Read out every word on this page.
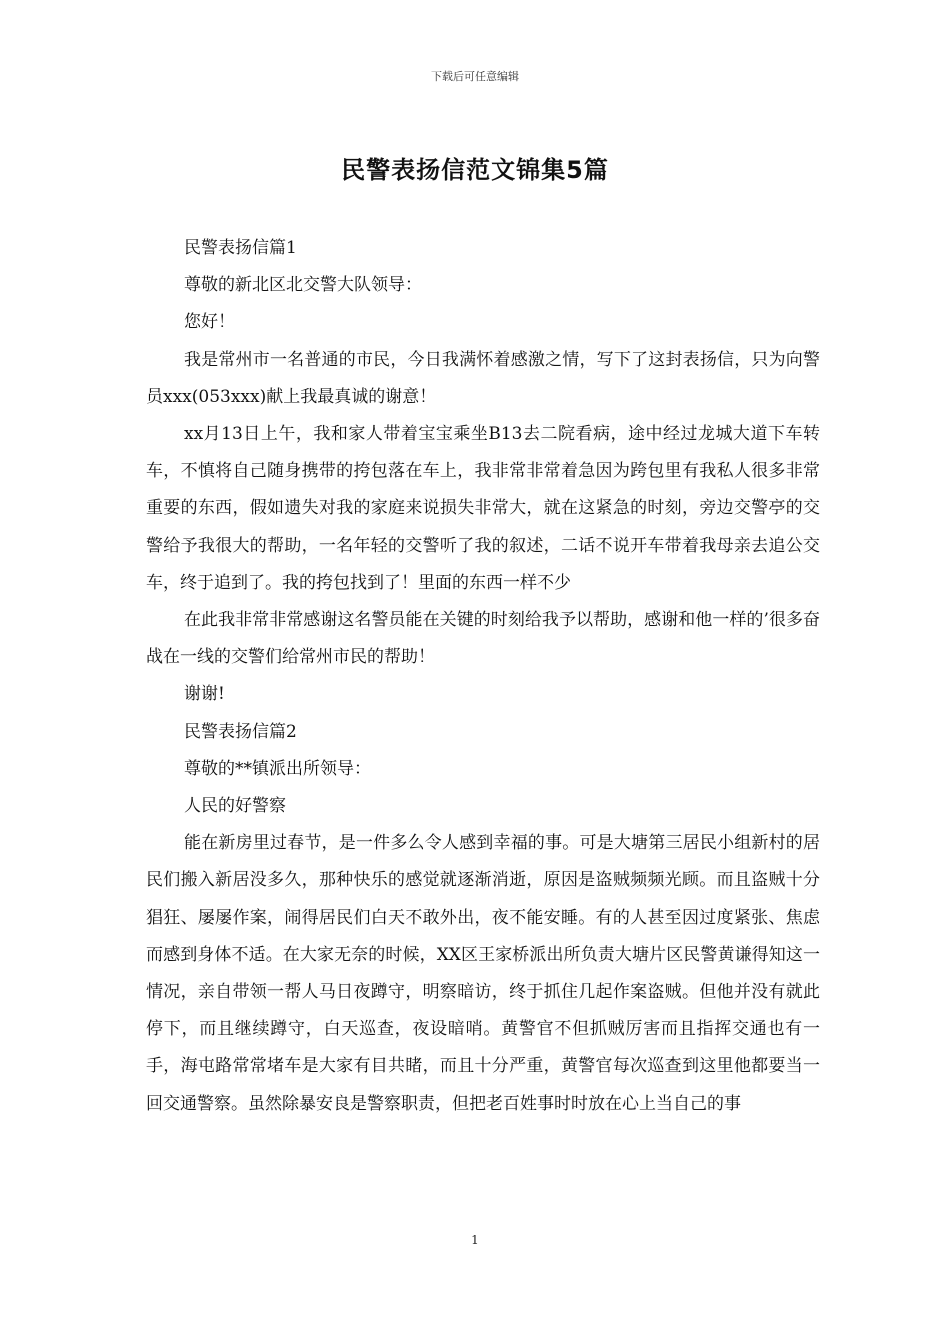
下载后可任意编辑
民警表扬信范文锦集5篇

民警表扬信篇1

尊敬的新北区北交警大队领导：

您好！

我是常州市一名普通的市民，今日我满怀着感激之情，写下了这封表扬信，只为向警员xxx(053xxx)献上我最真诚的谢意！

xx月13日上午，我和家人带着宝宝乘坐B13去二院看病，途中经过龙城大道下车转车，不慎将自己随身携带的挎包落在车上，我非常非常着急因为跨包里有我私人很多非常重要的东西，假如遗失对我的家庭来说损失非常大，就在这紧急的时刻，旁边交警亭的交警给予我很大的帮助，一名年轻的交警听了我的叙述，二话不说开车带着我母亲去追公交车，终于追到了。我的挎包找到了！里面的东西一样不少

在此我非常非常感谢这名警员能在关键的时刻给我予以帮助，感谢和他一样的’很多奋战在一线的交警们给常州市民的帮助！

谢谢!

民警表扬信篇2

尊敬的**镇派出所领导：

人民的好警察

能在新房里过春节，是一件多么令人感到幸福的事。可是大塘第三居民小组新村的居民们搬入新居没多久，那种快乐的感觉就逐渐消逝，原因是盗贼频频光顾。而且盗贼十分猖狂、屡屡作案，闹得居民们白天不敢外出，夜不能安睡。有的人甚至因过度紧张、焦虑而感到身体不适。在大家无奈的时候，XX区王家桥派出所负责大塘片区民警黄谦得知这一情况，亲自带领一帮人马日夜蹲守，明察暗访，终于抓住几起作案盗贼。但他并没有就此停下，而且继续蹲守，白天巡查，夜设暗哨。黄警官不但抓贼厉害而且指挥交通也有一手，海屯路常常堵车是大家有目共睹，而且十分严重，黄警官每次巡查到这里他都要当一回交通警察。虽然除暴安良是警察职责，但把老百姓事时时放在心上当自己的事

1
